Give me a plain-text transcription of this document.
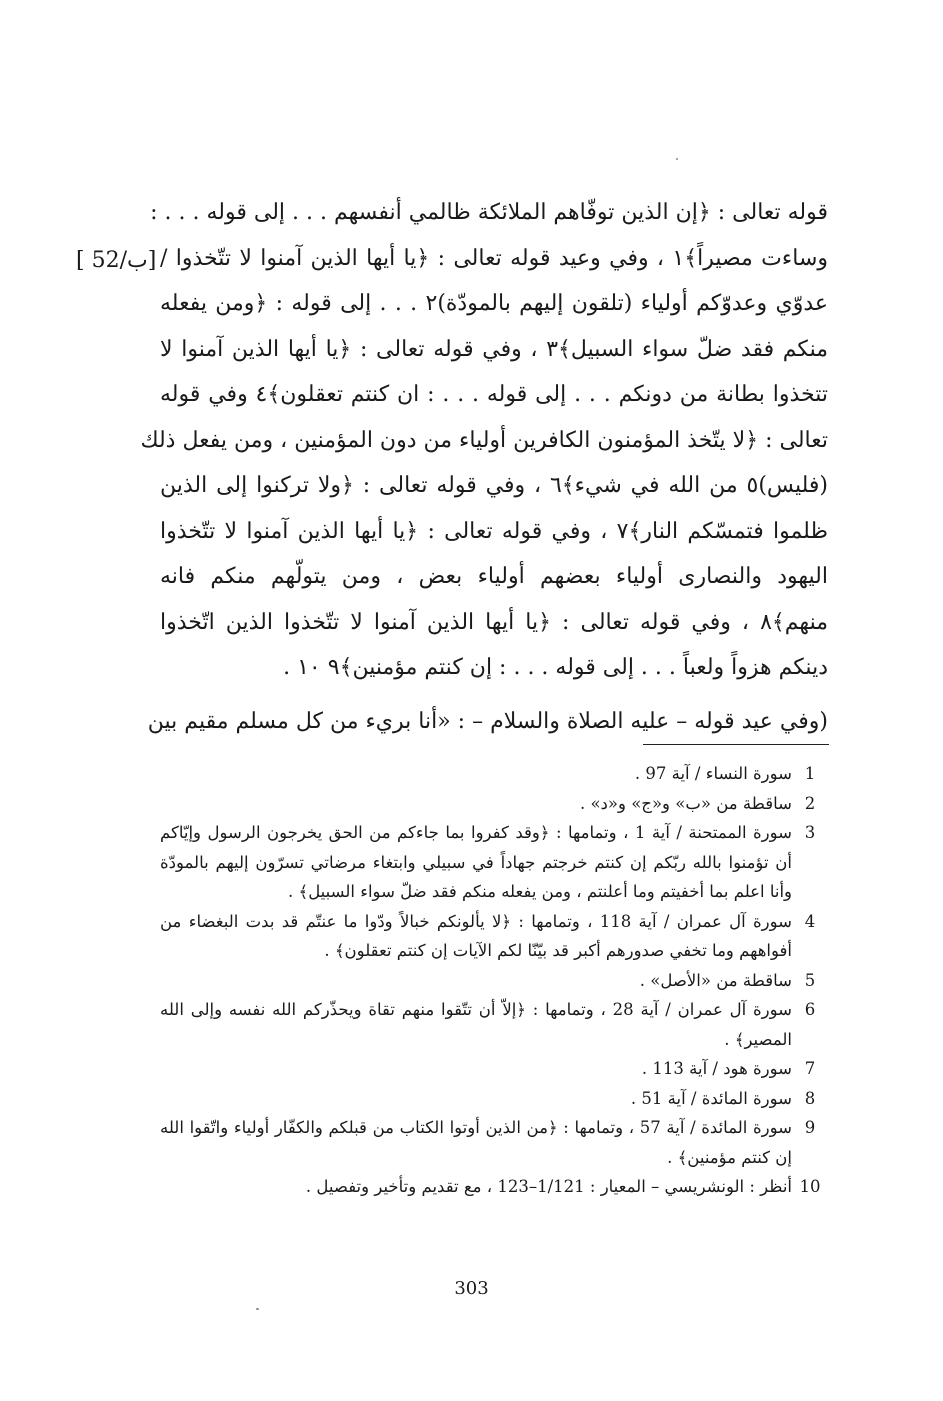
قوله تعالى : ﴿إن الذين توفّاهم الملائكة ظالمي أنفسهم . . . إلى قوله . . . :
وساءت مصيراً﴾١ ، وفي وعيد قوله تعالى : ﴿يا أيها الذين آمنوا لا تتّخذوا /
عدوّي وعدوّكم أولياء (تلقون إليهم بالمودّة)٢ . . . إلى قوله : ﴿ومن يفعله
منكم فقد ضلّ سواء السبيل﴾٣ ، وفي قوله تعالى : ﴿يا أيها الذين آمنوا لا
تتخذوا بطانة من دونكم . . . إلى قوله . . . : ان كنتم تعقلون﴾٤ وفي قوله
تعالى : ﴿لا يتّخذ المؤمنون الكافرين أولياء من دون المؤمنين ، ومن يفعل ذلك
(فليس)٥ من الله في شيء﴾٦ ، وفي قوله تعالى : ﴿ولا تركنوا إلى الذين
ظلموا فتمسّكم النار﴾٧ ، وفي قوله تعالى : ﴿يا أيها الذين آمنوا لا تتّخذوا
اليهود والنصارى أولياء بعضهم أولياء بعض ، ومن يتولّهم منكم فانه
منهم﴾٨ ، وفي قوله تعالى : ﴿يا أيها الذين آمنوا لا تتّخذوا الذين اتّخذوا
دينكم هزواً ولعباً . . . إلى قوله . . . : إن كنتم مؤمنين﴾٩ ١٠ .
(وفي عيد قوله – عليه الصلاة والسلام – : «أنا بريء من كل مسلم مقيم بين
[ 52/ب]
1
سورة النساء / آية 97 .
2
ساقطة من «ب» و«ج» و«د» .
3
سورة الممتحنة / آية 1 ، وتمامها : ﴿وقد كفروا بما جاءكم من الحق يخرجون الرسول وإيّاكم أن تؤمنوا بالله ربّكم إن كنتم خرجتم جهاداً في سبيلي وابتغاء مرضاتي تسرّون إليهم بالمودّة وأنا اعلم بما أخفيتم وما أعلنتم ، ومن يفعله منكم فقد ضلّ سواء السبيل﴾ .
4
سورة آل عمران / آية 118 ، وتمامها : ﴿لا يألونكم خبالاً ودّوا ما عنتّم قد بدت البغضاء من أفواههم وما تخفي صدورهم أكبر قد بيّنّا لكم الآيات إن كنتم تعقلون﴾ .
5
ساقطة من «الأصل» .
6
سورة آل عمران / آية 28 ، وتمامها : ﴿إلاّ أن تتّقوا منهم تقاة ويحذّركم الله نفسه وإلى الله المصير﴾ .
7
سورة هود / آية 113 .
8
سورة المائدة / آية 51 .
9
سورة المائدة / آية 57 ، وتمامها : ﴿من الذين أوتوا الكتاب من قبلكم والكفّار أولياء واتّقوا الله إن كنتم مؤمنين﴾ .
10
أنظر : الونشريسي – المعيار : 1/121–123 ، مع تقديم وتأخير وتفصيل .
303
